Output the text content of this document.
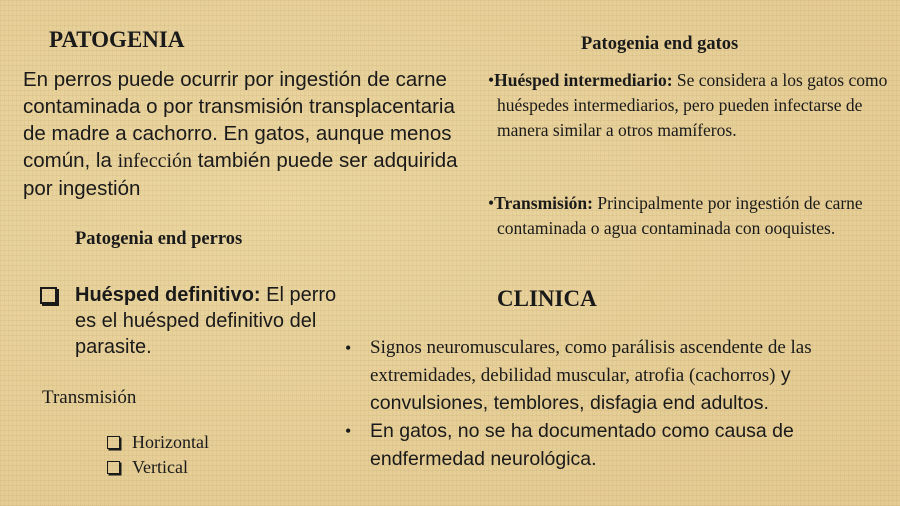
PATOGENIA
En perros puede ocurrir por ingestión de carne contaminada o por transmisión transplacentaria de madre a cachorro. En gatos, aunque menos común, la infección también puede ser adquirida por ingestión
Patogenia end perros
Huésped definitivo: El perro es el huésped definitivo del parasite.
Transmisión
Horizontal
Vertical
Patogenia end gatos
•Huésped intermediario: Se considera a los gatos como huéspedes intermediarios, pero pueden infectarse de manera similar a otros mamíferos.
•Transmisión: Principalmente por ingestión de carne contaminada o agua contaminada con ooquistes.
CLINICA
• Signos neuromusculares, como parálisis ascendente de las extremidades, debilidad muscular, atrofia (cachorros) y convulsiones, temblores, disfagia end adultos.
• En gatos, no se ha documentado como causa de endfermedad neurológica.
